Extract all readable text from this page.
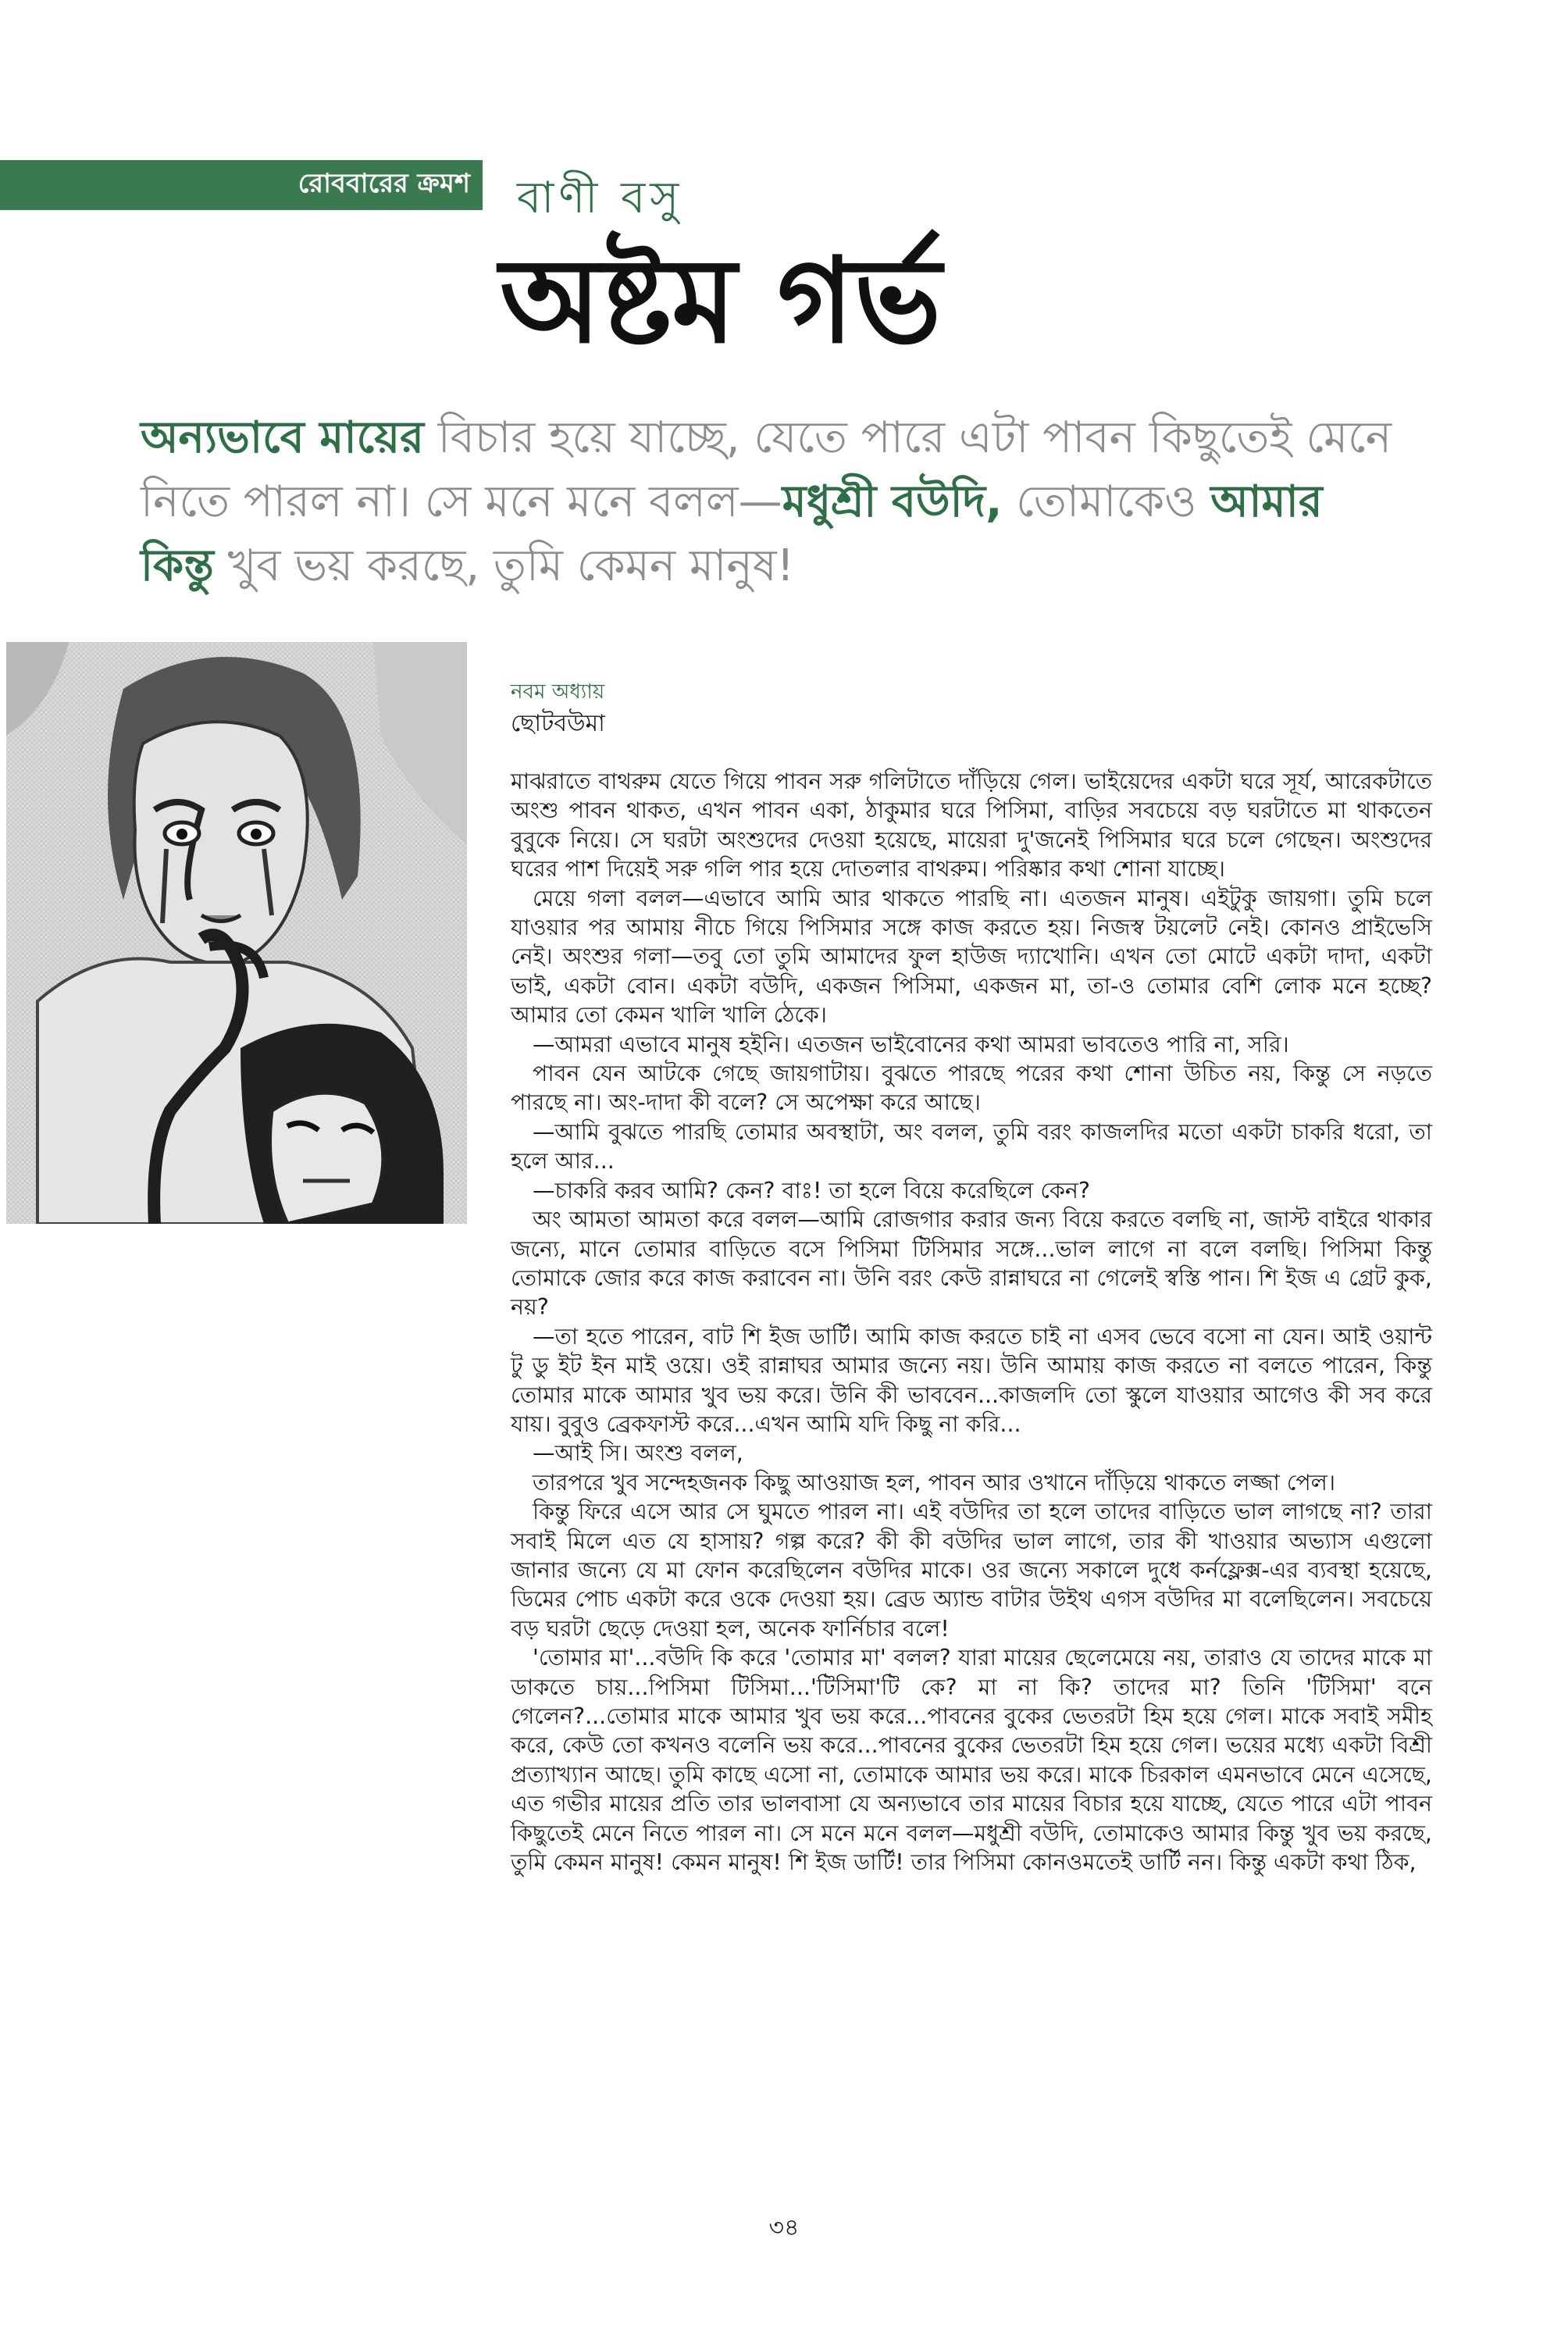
রোববারের ক্রমশ বাণী বসু
অষ্টম গর্ভ
অন্যভাবে মায়ের বিচার হয়ে যাচ্ছে, যেতে পারে এটা পাবন কিছুতেই মেনে নিতে পারল না। সে মনে মনে বলল—মধুশ্রী বউদি, তোমাকেও আমার কিন্তু খুব ভয় করছে, তুমি কেমন মানুষ!
নবম অধ্যায়
ছোটবউমা

মাঝরাতে বাথরুম যেতে গিয়ে পাবন সরু গলিটাতে দাঁড়িয়ে গেল। ভাইয়েদের একটা ঘরে সূর্য, আরেকটাতে অংশু পাবন থাকত, এখন পাবন একা, ঠাকুমার ঘরে পিসিমা, বাড়ির সবচেয়ে বড় ঘরটাতে মা থাকতেন বুবুকে নিয়ে। সে ঘরটা অংশুদের দেওয়া হয়েছে, মায়েরা দু'জনেই পিসিমার ঘরে চলে গেছেন। অংশুদের ঘরের পাশ দিয়েই সরু গলি পার হয়ে দোতলার বাথরুম। পরিষ্কার কথা শোনা যাচ্ছে।

মেয়ে গলা বলল—এভাবে আমি আর থাকতে পারছি না। এতজন মানুষ। এইটুকু জায়গা। তুমি চলে যাওয়ার পর আমায় নীচে গিয়ে পিসিমার সঙ্গে কাজ করতে হয়। নিজস্ব টয়লেট নেই। কোনও প্রাইভেসি নেই। অংশুর গলা—তবু তো তুমি আমাদের ফুল হাউজ দ্যাখোনি। এখন তো মোটে একটা দাদা, একটা ভাই, একটা বোন। একটা বউদি, একজন পিসিমা, একজন মা, তা-ও তোমার বেশি লোক মনে হচ্ছে? আমার তো কেমন খালি খালি ঠেকে।

—আমরা এভাবে মানুষ হইনি। এতজন ভাইবোনের কথা আমরা ভাবতেও পারি না, সরি।

পাবন যেন আটকে গেছে জায়গাটায়। বুঝতে পারছে পরের কথা শোনা উচিত নয়, কিন্তু সে নড়তে পারছে না। অং-দাদা কী বলে? সে অপেক্ষা করে আছে।

—আমি বুঝতে পারছি তোমার অবস্থাটা, অং বলল, তুমি বরং কাজলদির মতো একটা চাকরি ধরো, তা হলে আর...

—চাকরি করব আমি? কেন? বাঃ! তা হলে বিয়ে করেছিলে কেন?

অং আমতা আমতা করে বলল—আমি রোজগার করার জন্য বিয়ে করতে বলছি না, জাস্ট বাইরে থাকার জন্যে, মানে তোমার বাড়িতে বসে পিসিমা টিসিমার সঙ্গে...ভাল লাগে না বলে বলছি। পিসিমা কিন্তু তোমাকে জোর করে কাজ করাবেন না। উনি বরং কেউ রান্নাঘরে না গেলেই স্বস্তি পান। শি ইজ এ গ্রেট কুক, নয়?

—তা হতে পারেন, বাট শি ইজ ডার্টি। আমি কাজ করতে চাই না এসব ভেবে বসো না যেন। আই ওয়ান্ট টু ডু ইট ইন মাই ওয়ে। ওই রান্নাঘর আমার জন্যে নয়। উনি আমায় কাজ করতে না বলতে পারেন, কিন্তু তোমার মাকে আমার খুব ভয় করে। উনি কী ভাববেন...কাজলদি তো স্কুলে যাওয়ার আগেও কী সব করে যায়। বুবুও ব্রেকফাস্ট করে...এখন আমি যদি কিছু না করি...

—আই সি। অংশু বলল,

তারপরে খুব সন্দেহজনক কিছু আওয়াজ হল, পাবন আর ওখানে দাঁড়িয়ে থাকতে লজ্জা পেল।

কিন্তু ফিরে এসে আর সে ঘুমতে পারল না। এই বউদির তা হলে তাদের বাড়িতে ভাল লাগছে না? তারা সবাই মিলে এত যে হাসায়? গল্প করে? কী কী বউদির ভাল লাগে, তার কী খাওয়ার অভ্যাস এগুলো জানার জন্যে যে মা ফোন করেছিলেন বউদির মাকে। ওর জন্যে সকালে দুধে কর্নফ্লেক্স-এর ব্যবস্থা হয়েছে, ডিমের পোচ একটা করে ওকে দেওয়া হয়। ব্রেড অ্যান্ড বাটার উইথ এগস বউদির মা বলেছিলেন। সবচেয়ে বড় ঘরটা ছেড়ে দেওয়া হল, অনেক ফার্নিচার বলে!

'তোমার মা'...বউদি কি করে 'তোমার মা' বলল? যারা মায়ের ছেলেমেয়ে নয়, তারাও যে তাদের মাকে মা ডাকতে চায়...পিসিমা টিসিমা...'টিসিমা'টি কে? মা না কি? তাদের মা? তিনি 'টিসিমা' বনে গেলেন?...তোমার মাকে আমার খুব ভয় করে...পাবনের বুকের ভেতরটা হিম হয়ে গেল। মাকে সবাই সমীহ করে, কেউ তো কখনও বলেনি ভয় করে...পাবনের বুকের ভেতরটা হিম হয়ে গেল। ভয়ের মধ্যে একটা বিশ্রী প্রত্যাখ্যান আছে। তুমি কাছে এসো না, তোমাকে আমার ভয় করে। মাকে চিরকাল এমনভাবে মেনে এসেছে, এত গভীর মায়ের প্রতি তার ভালবাসা যে অন্যভাবে তার মায়ের বিচার হয়ে যাচ্ছে, যেতে পারে এটা পাবন কিছুতেই মেনে নিতে পারল না। সে মনে মনে বলল—মধুশ্রী বউদি, তোমাকেও আমার কিন্তু খুব ভয় করছে, তুমি কেমন মানুষ! কেমন মানুষ! শি ইজ ডার্টি! তার পিসিমা কোনওমতেই ডার্টি নন। কিন্তু একটা কথা ঠিক,

৩৪
